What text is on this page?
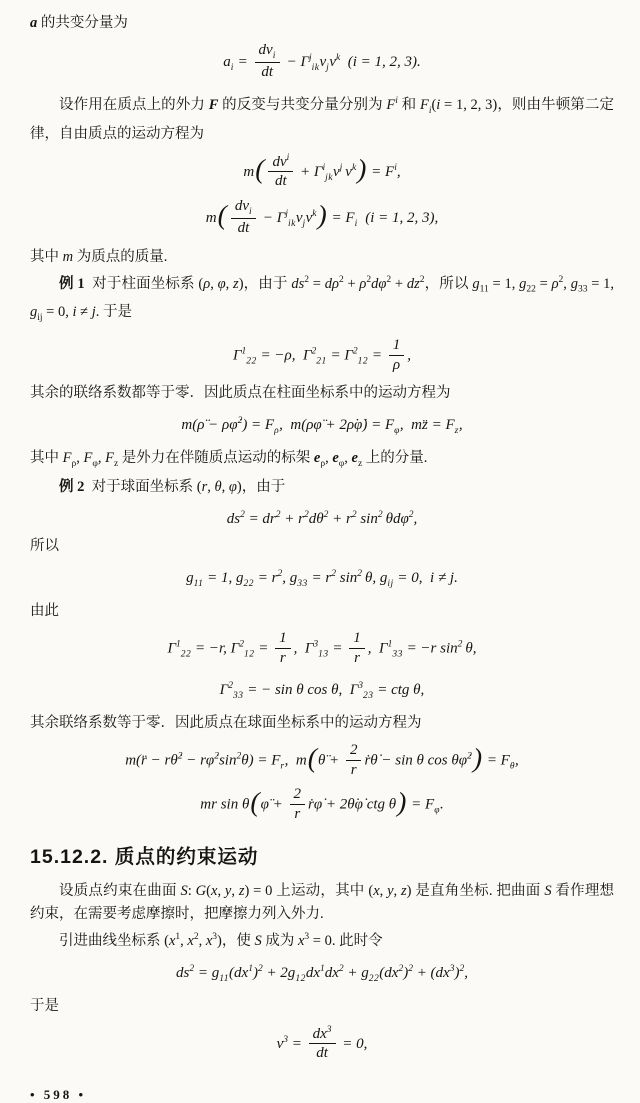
a 的共变分量为

$a_i$ =
$dv_i$
dt
− $\Gamma^j_{ik}v_jv^k$  (i = 1, 2, 3).

设作用在质点上的外力 F 的反变与共变分量分别为 $F^i$ 和 $F_i(i = 1$, 2, 3)，则由牛顿第二定律，自由质点的运动方程为

m( $dv^i$
dt
+ $\Gamma^i_{jk}v^j$ $v^k) = F^i$,
m( $dv_i$
dt
− $\Gamma^j_{ik}v_jv^k) = F_i$  (i = 1, 2, 3),

其中 m 为质点的质量.

例 1  对于柱面坐标系 (ρ, φ, z)，由于 $ds^2 = d\rho^2 + \rho^2d\varphi^2 + dz^2$，所以 $g_{11} = 1$, $g_{22} = \rho^2$, $g_{33} = 1$, $g_{ij} = 0$, i ≠ j. 于是

$\Gamma^1_{22} = -\rho$,  $\Gamma^2_{21} = \Gamma^2_{12} = \frac{1}{\rho}$ ,

其余的联络系数都等于零．因此质点在柱面坐标系中的运动方程为

m(ρ̈ − ρφ̇$^2$) = $F_\rho$,  m(ρφ̈ + 2ρ̇φ̇) = $F_\varphi$,  mz̈ = $F_z$,

其中 $F_\rho$, $F_\varphi$, $F_z$ 是外力在伴随质点运动的标架 $e_\rho$, $e_\varphi$, $e_z$ 上的分量.

例 2  对于球面坐标系 (r, θ, φ)，由于

$ds^2 = dr^2 + r^2d\theta^2 + r^2$ $\sin^2 \theta d\varphi^2$,

所以

$g_{11} = 1$, $g_{22} = r^2$, $g_{33} = r^2$ $\sin^2 \theta$, $g_{ij} = 0$,  i ≠ j.

由此

$\Gamma^1_{22} = -r$, $\Gamma^2_{12} = \frac{1}{r}$ ,  $\Gamma^3_{13} = \frac{1}{r}$ ,  $\Gamma^1_{33} = -r$ $\sin^2 \theta$,
$\Gamma^2_{33}$ = − sin θ cos θ,  $\Gamma^3_{23}$ = ctg θ,

其余联络系数等于零．因此质点在球面坐标系中的运动方程为

m(r̈ − rθ̇$^2$ − $r\varphi̇^2\sin^2\theta) = F_r$,  m(θ̈ + $\frac{2}{r}$ ṙθ̇ − sin θ cos θφ̇$^2$) = $F_\theta$,
mr sin θ(φ̈ + $\frac{2}{r}$ ṙφ̇ + 2θ̇φ̇ ctg $\theta) = F_\varphi$.
15.12.2. 质点的约束运动

设质点约束在曲面 S: G(x, y, z) = 0 上运动，其中 (x, y, z) 是直角坐标. 把曲面 S 看作理想约束，在需要考虑摩擦时，把摩擦力列入外力.

引进曲线坐标系 ($x^1$, $x^2$, $x^3$)，使 S 成为 $x^3 = 0$. 此时令

$ds^2 = g_{11}(dx^1)^2 + 2g_{12}dx^1dx^2 + g_{22}(dx^2)^2 + (dx^3)^2$,

于是

$v^3 = \frac{dx^3}{dt} = 0$,
• 598 •
